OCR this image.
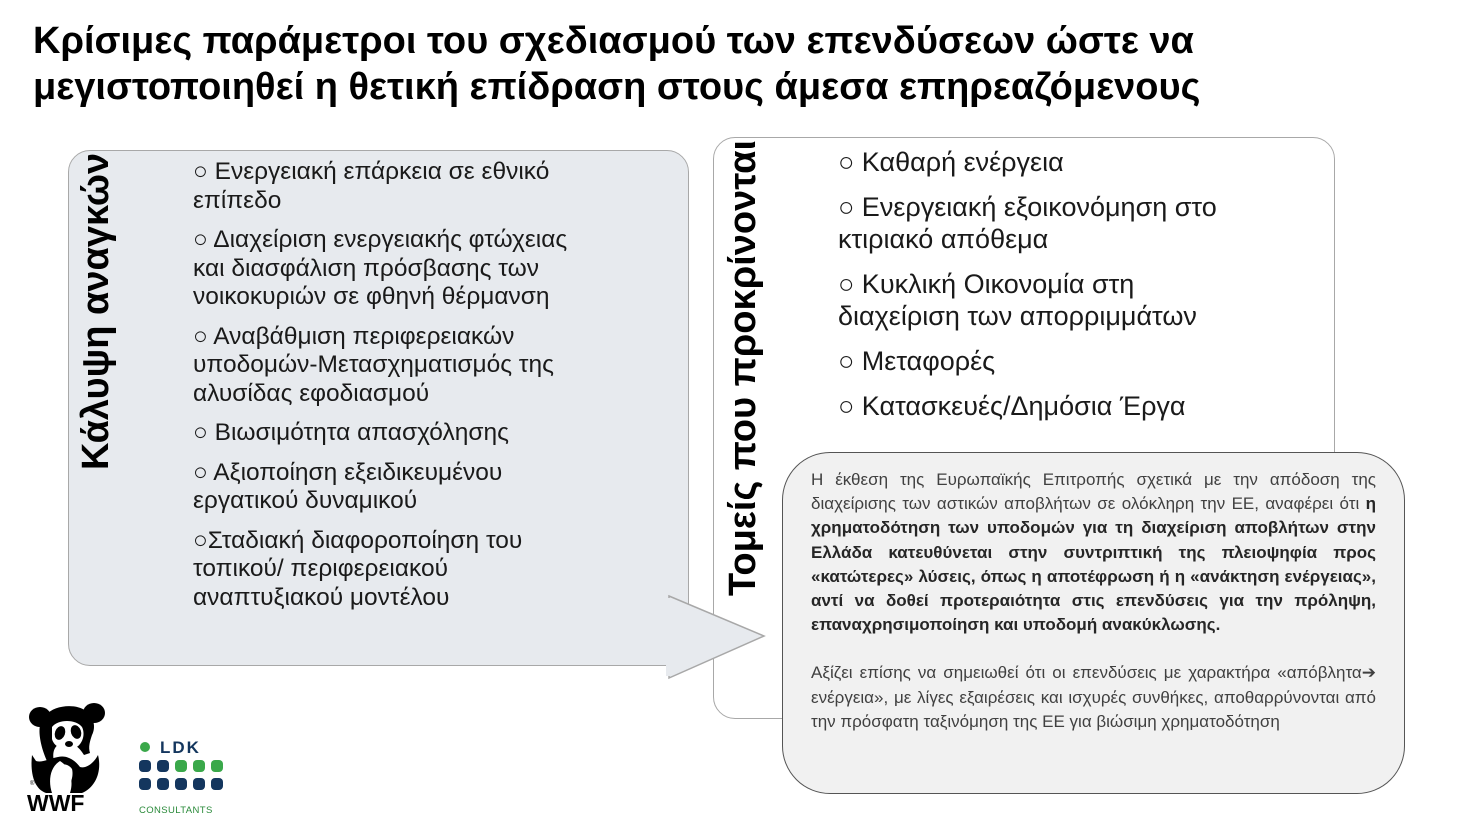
Κρίσιμες παράμετροι του σχεδιασμού των επενδύσεων ώστε να
μεγιστοποιηθεί η θετική επίδραση στους άμεσα επηρεαζόμενους
Κάλυψη αναγκών	○ Ενεργειακή επάρκεια σε εθνικό
επίπεδο
○ Διαχείριση ενεργειακής φτώχειας
και διασφάλιση πρόσβασης των
νοικοκυριών σε φθηνή θέρμανση
○ Αναβάθμιση περιφερειακών
υποδομών-Μετασχηματισμός της
αλυσίδας εφοδιασμού
○ Βιωσιμότητα απασχόλησης
○ Αξιοποίηση εξειδικευμένου
εργατικού δυναμικού
○Σταδιακή διαφοροποίηση του
τοπικού/ περιφερειακού
αναπτυξιακού μοντέλου
Τομείς που προκρίνονται	○ Καθαρή ενέργεια
○ Ενεργειακή εξοικονόμηση στο
κτιριακό απόθεμα
○ Κυκλική Οικονομία στη
διαχείριση των απορριμμάτων
○ Μεταφορές
○ Κατασκευές/Δημόσια Έργα

Η έκθεση της Ευρωπαϊκής Επιτροπής σχετικά με την απόδοση της διαχείρισης των αστικών αποβλήτων σε ολόκληρη την ΕΕ, αναφέρει ότι η χρηματοδότηση των υποδομών για τη διαχείριση αποβλήτων στην Ελλάδα κατευθύνεται στην συντριπτική της πλειοψηφία προς «κατώτερες» λύσεις, όπως η αποτέφρωση ή η «ανάκτηση ενέργειας», αντί να δοθεί προτεραιότητα στις επενδύσεις για την πρόληψη, επαναχρησιμοποίηση και υποδομή ανακύκλωσης.

Αξίζει επίσης να σημειωθεί ότι οι επενδύσεις με χαρακτήρα «απόβλητα➔ ενέργεια», με λίγες εξαιρέσεις και ισχυρές συνθήκες, αποθαρρύνονται από την πρόσφατη ταξινόμηση της ΕΕ για βιώσιμη χρηματοδότηση

®
WWF
LDK
CONSULTANTS
